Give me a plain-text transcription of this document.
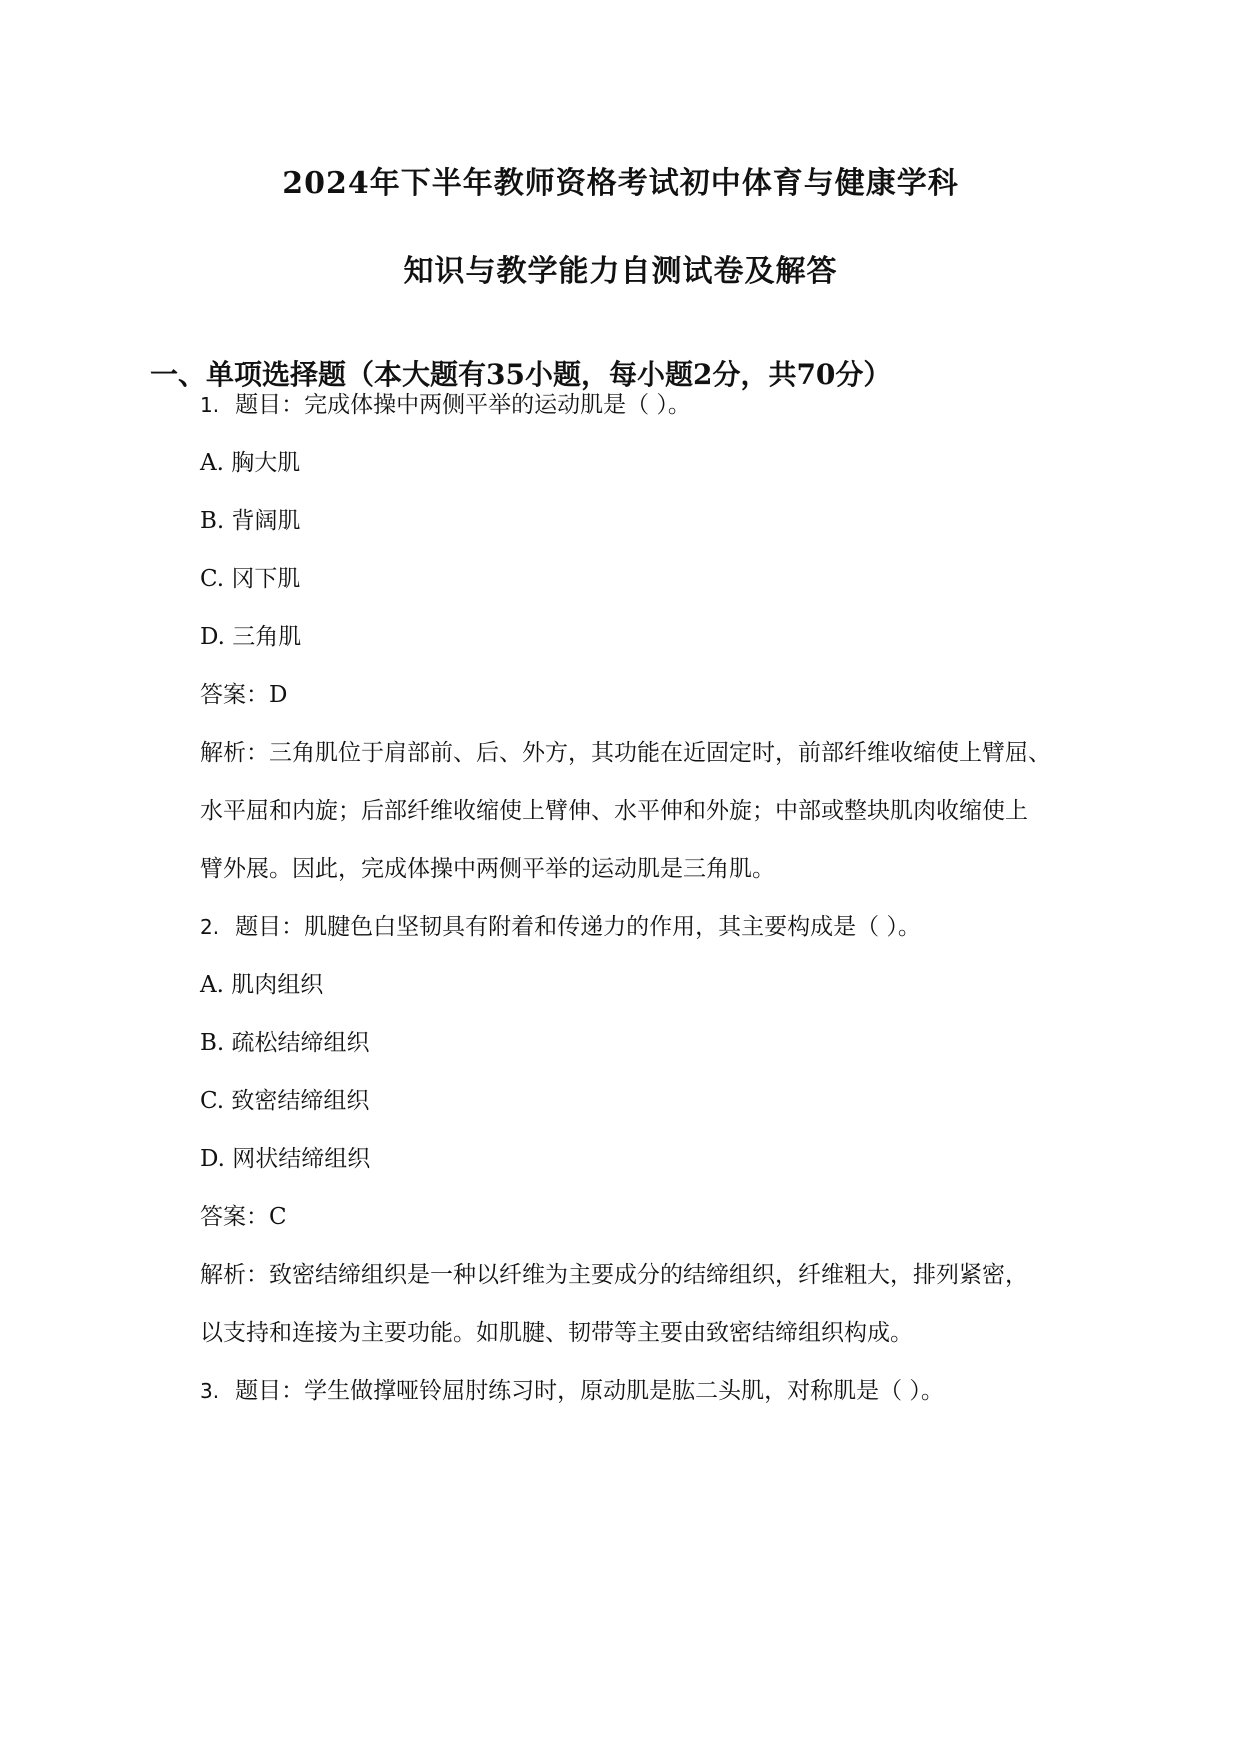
2024年下半年教师资格考试初中体育与健康学科
知识与教学能力自测试卷及解答
一、单项选择题（本大题有35小题，每小题2分，共70分）
1. 题目：完成体操中两侧平举的运动肌是（ ）。
A. 胸大肌
B. 背阔肌
C. 冈下肌
D. 三角肌
答案：D
解析：三角肌位于肩部前、后、外方，其功能在近固定时，前部纤维收缩使上臂屈、
水平屈和内旋；后部纤维收缩使上臂伸、水平伸和外旋；中部或整块肌肉收缩使上
臂外展。因此，完成体操中两侧平举的运动肌是三角肌。
2. 题目：肌腱色白坚韧具有附着和传递力的作用，其主要构成是（ ）。
A. 肌肉组织
B. 疏松结缔组织
C. 致密结缔组织
D. 网状结缔组织
答案：C
解析：致密结缔组织是一种以纤维为主要成分的结缔组织，纤维粗大，排列紧密，
以支持和连接为主要功能。如肌腱、韧带等主要由致密结缔组织构成。
3. 题目：学生做撑哑铃屈肘练习时，原动肌是肱二头肌，对称肌是（ ）。
